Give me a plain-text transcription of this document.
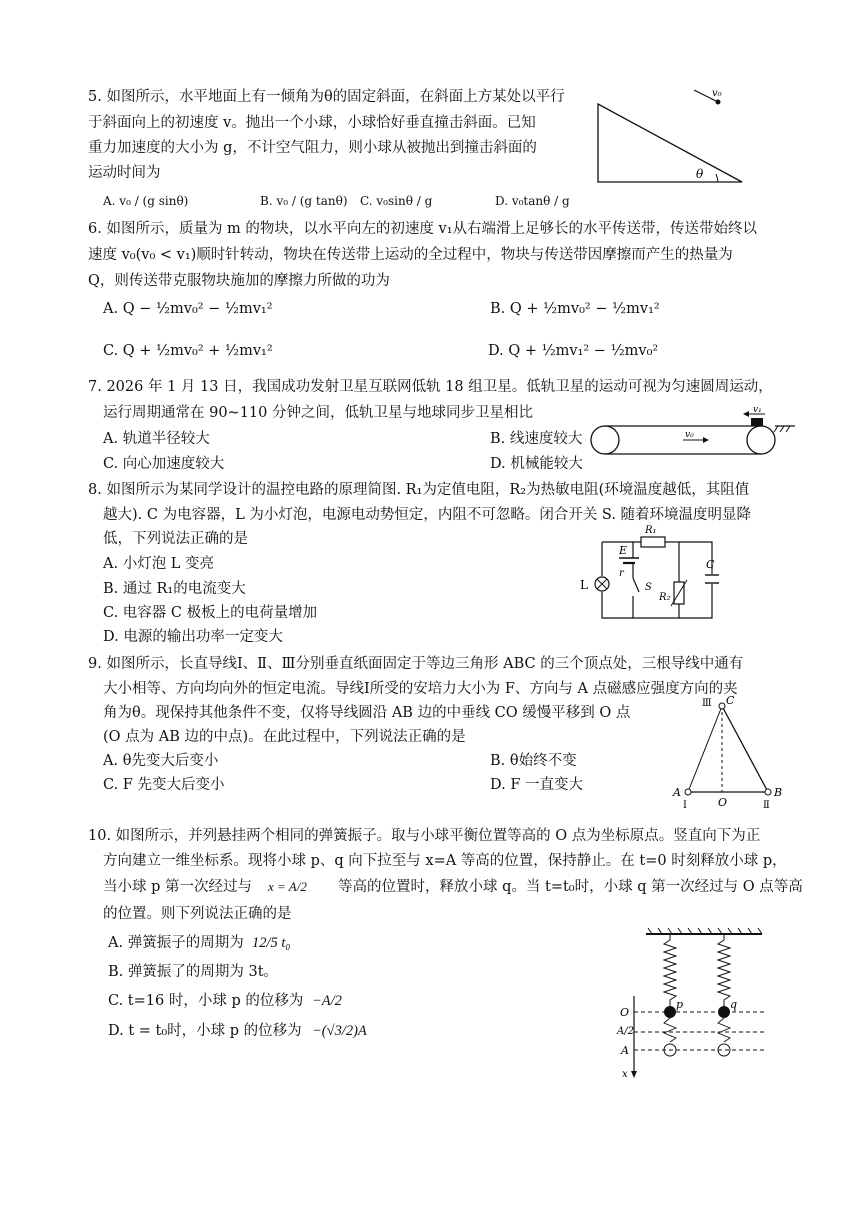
5. 如图所示，水平地面上有一倾角为θ的固定斜面，在斜面上方某处以平行
于斜面向上的初速度 v。抛出一个小球，小球恰好垂直撞击斜面。已知
重力加速度的大小为 g，不计空气阻力，则小球从被抛出到撞击斜面的
运动时间为
A. v₀ / (g sinθ)	B. v₀ / (g tanθ) C. v₀sinθ / g	D. v₀tanθ / g
v₀
θ
6. 如图所示，质量为 m 的物块，以水平向左的初速度 v₁从右端滑上足够长的水平传送带，传送带始终以
速度 v₀(v₀ < v₁)顺时针转动，物块在传送带上运动的全过程中，物块与传送带因摩擦而产生的热量为
Q，则传送带克服物块施加的摩擦力所做的功为
A. Q − ½mv₀² − ½mv₁²	B. Q + ½mv₀² − ½mv₁²
C. Q + ½mv₀² + ½mv₁²	D. Q + ½mv₁² − ½mv₀²
7. 2026 年 1 月 13 日，我国成功发射卫星互联网低轨 18 组卫星。低轨卫星的运动可视为匀速圆周运动，
运行周期通常在 90~110 分钟之间，低轨卫星与地球同步卫星相比
A. 轨道半径较大	B. 线速度较大
C. 向心加速度较大	D. 机械能较大
v₁
v₀
8. 如图所示为某同学设计的温控电路的原理简图. R₁为定值电阻，R₂为热敏电阻(环境温度越低，其阻值
越大). C 为电容器，L 为小灯泡，电源电动势恒定，内阻不可忽略。闭合开关 S. 随着环境温度明显降
低，下列说法正确的是
A. 小灯泡 L 变亮
B. 通过 R₁的电流变大
C. 电容器 C 极板上的电荷量增加
D. 电源的输出功率一定变大
R₁
E
r
S
R₂
C
L
9. 如图所示，长直导线Ⅰ、Ⅱ、Ⅲ分别垂直纸面固定于等边三角形 ABC 的三个顶点处，三根导线中通有
大小相等、方向均向外的恒定电流。导线Ⅰ所受的安培力大小为 F、方向与 A 点磁感应强度方向的夹
角为θ。现保持其他条件不变，仅将导线圆沿 AB 边的中垂线 CO 缓慢平移到 O 点
(O 点为 AB 边的中点)。在此过程中，下列说法正确的是
A. θ先变大后变小	B. θ始终不变
C. F 先变大后变小	D. F 一直变大
Ⅲ C
A
Ⅰ	O	Ⅱ
B
10. 如图所示，并列悬挂两个相同的弹簧振子。取与小球平衡位置等高的 O 点为坐标原点。竖直向下为正
方向建立一维坐标系。现将小球 p、q 向下拉至与 x=A 等高的位置，保持静止。在 t=0 时刻释放小球 p，
当小球 p 第一次经过与 x = A/2 等高的位置时，释放小球 q。当 t=t₀时，小球 q 第一次经过与 O 点等高
的位置。则下列说法正确的是
A. 弹簧振子的周期为 12/5 t₀
B. 弹簧振了的周期为 3t。
C. t=16 时，小球 p 的位移为 −A/2
D. t = t₀时，小球 p 的位移为 −(√3/2)A
p	q
O
A/2
A
x
